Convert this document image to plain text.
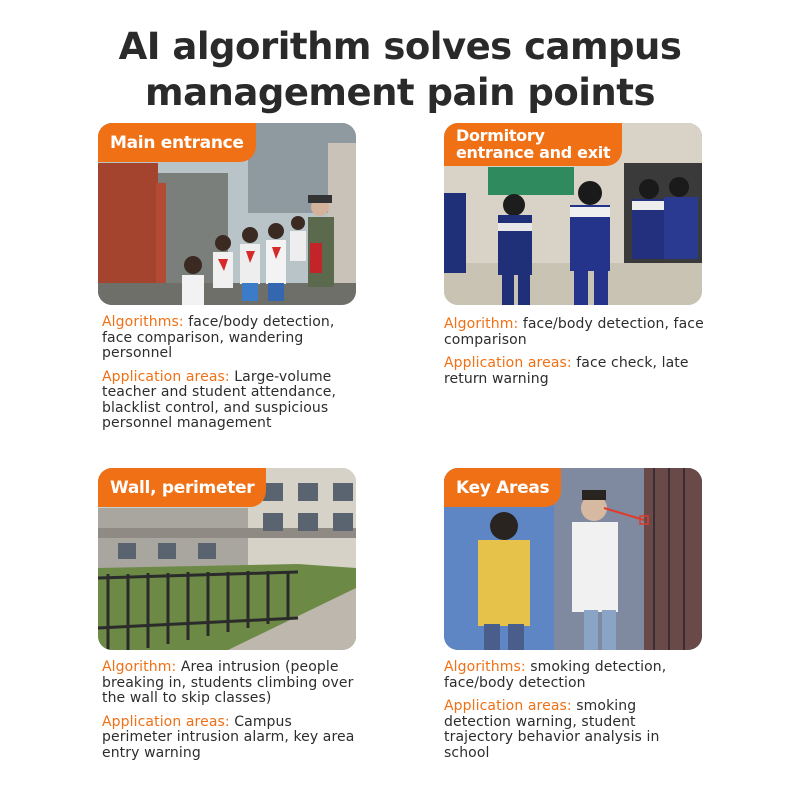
AI algorithm solves campus
management pain points
Main entrance

Algorithms: face/body detection, face comparison, wandering personnel

Application areas: Large-volume teacher and student attendance, blacklist control, and suspicious personnel management

Dormitory
entrance and exit

Algorithm: face/body detection, face comparison

Application areas: face check, late return warning

Wall, perimeter

Algorithm: Area intrusion (people breaking in, students climbing over the wall to skip classes)

Application areas: Campus perimeter intrusion alarm, key area entry warning

Key Areas

Algorithms: smoking detection, face/body detection

Application areas: smoking detection warning, student trajectory behavior analysis in school
